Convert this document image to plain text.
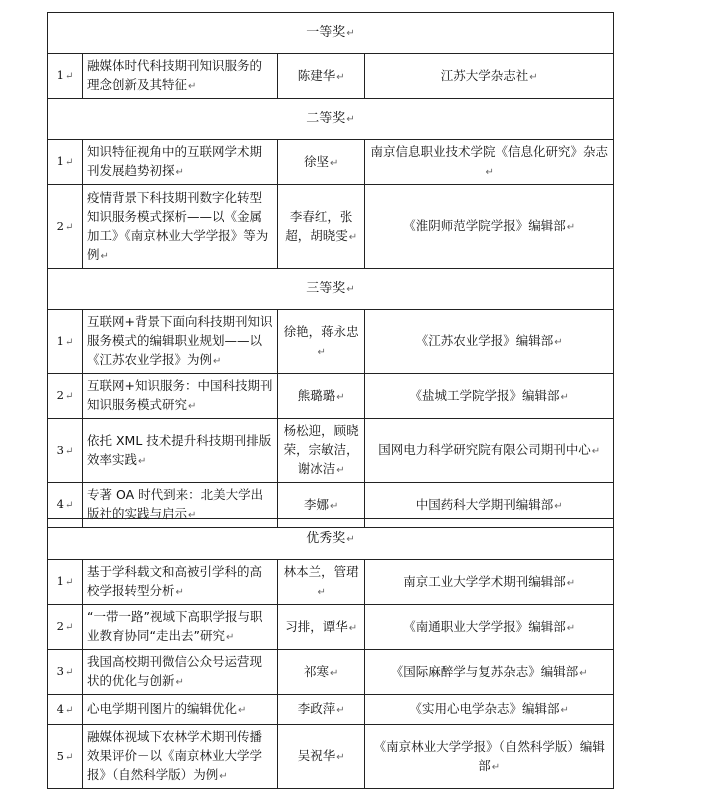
一等奖↵			
1↵	融媒体时代科技期刊知识服务的理念创新及其特征↵	陈建华↵	江苏大学杂志社↵
二等奖↵			
1↵	知识特征视角中的互联网学术期刊发展趋势初探↵	徐坚↵	南京信息职业技术学院《信息化研究》杂志↵
2↵	疫情背景下科技期刊数字化转型知识服务模式探析——以《金属加工》《南京林业大学学报》等为例↵	李春红，张超，胡晓雯↵	《淮阴师范学院学报》编辑部↵
三等奖↵			
1↵	互联网+背景下面向科技期刊知识服务模式的编辑职业规划——以《江苏农业学报》为例↵	徐艳，蒋永忠↵	《江苏农业学报》编辑部↵
2↵	互联网+知识服务：中国科技期刊知识服务模式研究↵	熊璐璐↵	《盐城工学院学报》编辑部↵
3↵	依托 XML 技术提升科技期刊排版效率实践↵	杨松迎，顾晓荣，宗敏洁，谢冰洁↵	国网电力科学研究院有限公司期刊中心↵
4↵	专著 OA 时代到来：北美大学出版社的实践与启示↵	李娜↵	中国药科大学期刊编辑部↵
优秀奖↵			
1↵	基于学科载文和高被引学科的高校学报转型分析↵	林本兰，管珺↵	南京工业大学学术期刊编辑部↵
2↵	“一带一路”视域下高职学报与职业教育协同“走出去”研究↵	习排，谭华↵	《南通职业大学学报》编辑部↵
3↵	我国高校期刊微信公众号运营现状的优化与创新↵	祁寒↵	《国际麻醉学与复苏杂志》编辑部↵
4↵	心电学期刊图片的编辑优化↵	李政萍↵	《实用心电学杂志》编辑部↵
5↵	融媒体视域下农林学术期刊传播效果评价－以《南京林业大学学报》（自然科学版）为例↵	吴祝华↵	《南京林业大学学报》（自然科学版）编辑部↵
